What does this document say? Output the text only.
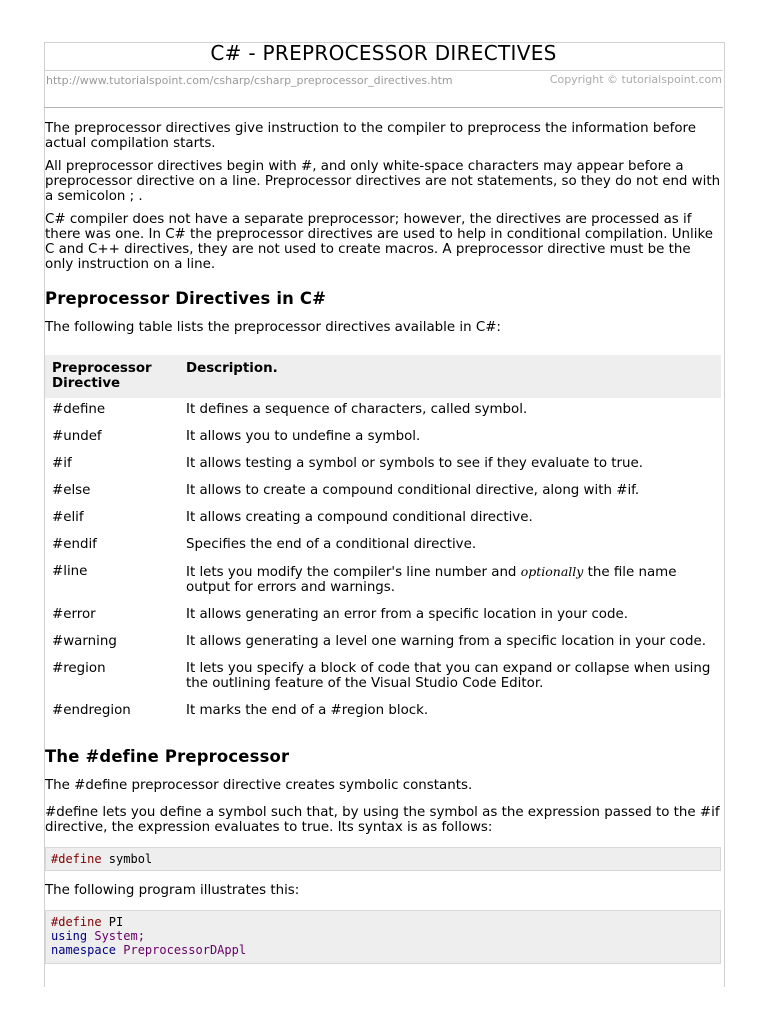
C# - PREPROCESSOR DIRECTIVES
http://www.tutorialspoint.com/csharp/csharp_preprocessor_directives.htm	Copyright © tutorialspoint.com

The preprocessor directives give instruction to the compiler to preprocess the information before actual compilation starts.

All preprocessor directives begin with #, and only white-space characters may appear before a preprocessor directive on a line. Preprocessor directives are not statements, so they do not end with a semicolon ; .

C# compiler does not have a separate preprocessor; however, the directives are processed as if there was one. In C# the preprocessor directives are used to help in conditional compilation. Unlike C and C++ directives, they are not used to create macros. A preprocessor directive must be the only instruction on a line.

Preprocessor Directives in C#

The following table lists the preprocessor directives available in C#:

Preprocessor Directive	Description.
#define	It defines a sequence of characters, called symbol.
#undef	It allows you to undefine a symbol.
#if	It allows testing a symbol or symbols to see if they evaluate to true.
#else	It allows to create a compound conditional directive, along with #if.
#elif	It allows creating a compound conditional directive.
#endif	Specifies the end of a conditional directive.
#line	It lets you modify the compiler's line number and optionally the file name output for errors and warnings.
#error	It allows generating an error from a specific location in your code.
#warning	It allows generating a level one warning from a specific location in your code.
#region	It lets you specify a block of code that you can expand or collapse when using the outlining feature of the Visual Studio Code Editor.
#endregion	It marks the end of a #region block.
The #define Preprocessor

The #define preprocessor directive creates symbolic constants.

#define lets you define a symbol such that, by using the symbol as the expression passed to the #if directive, the expression evaluates to true. Its syntax is as follows:

#define symbol

The following program illustrates this:

#define PI
using System;
namespace PreprocessorDAppl
